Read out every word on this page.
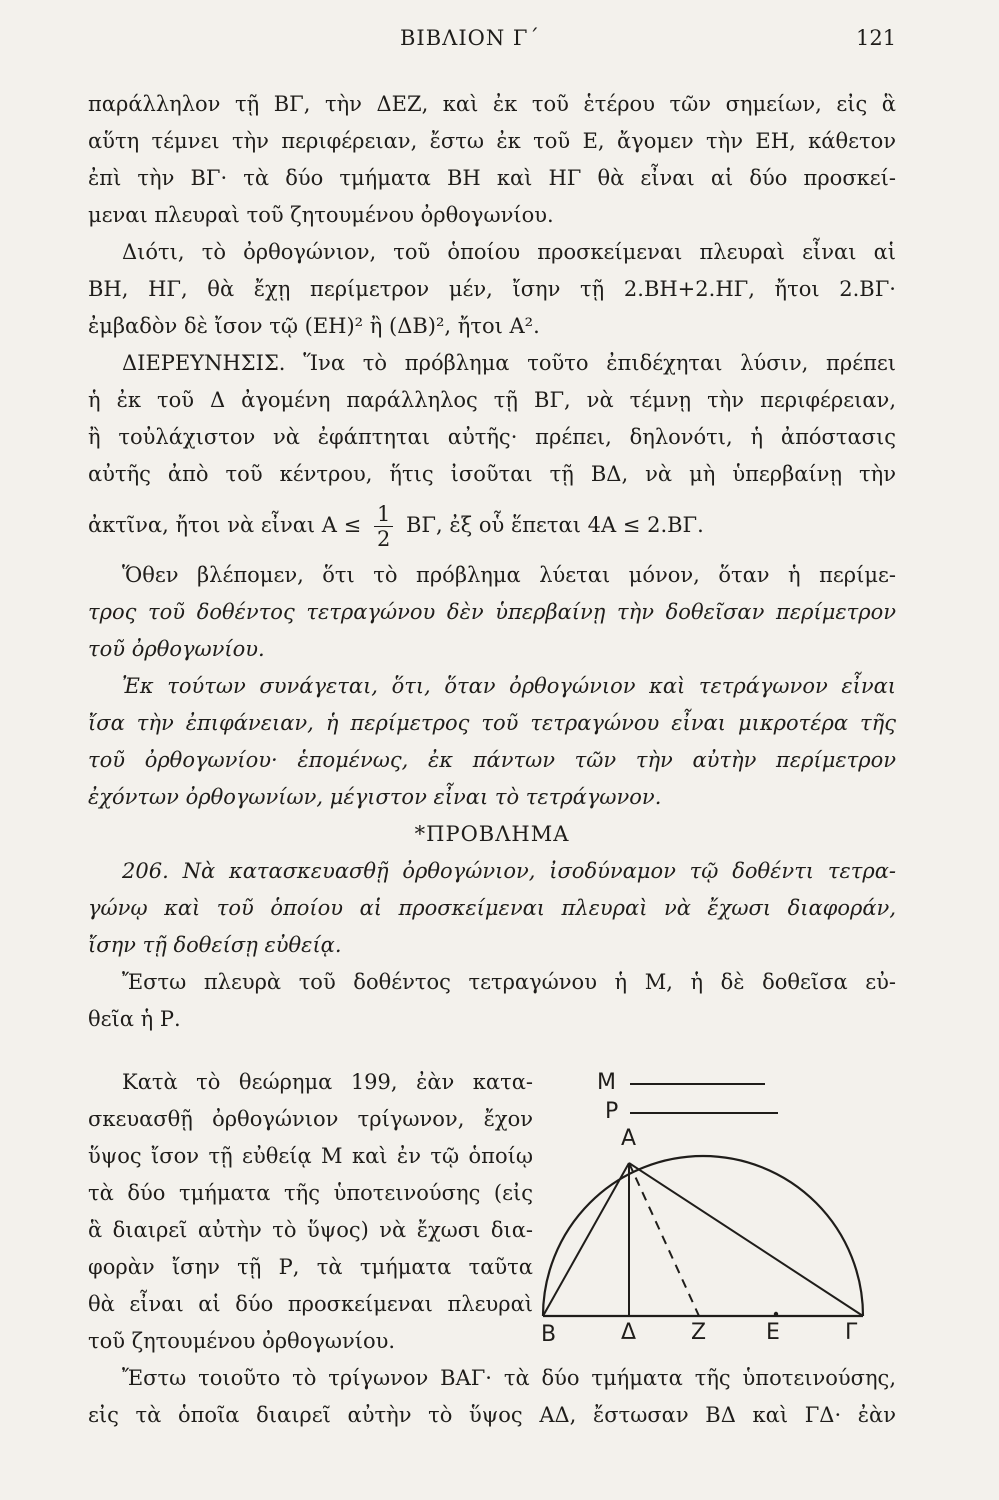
ΒΙΒΛΙΟΝ Γ΄	121
παράλληλον τῇ ΒΓ, τὴν ΔΕΖ, καὶ ἐκ τοῦ ἑτέρου τῶν σημείων, εἰς ἃ
αὕτη τέμνει τὴν περιφέρειαν, ἔστω ἐκ τοῦ Ε, ἄγομεν τὴν ΕΗ, κάθετον
ἐπὶ τὴν ΒΓ· τὰ δύο τμήματα ΒΗ καὶ ΗΓ θὰ εἶναι αἱ δύο προσκεί-
μεναι πλευραὶ τοῦ ζητουμένου ὀρθογωνίου.
Διότι, τὸ ὀρθογώνιον, τοῦ ὁποίου προσκείμεναι πλευραὶ εἶναι αἱ
ΒΗ, ΗΓ, θὰ ἔχῃ περίμετρον μέν, ἴσην τῇ 2.ΒΗ+2.ΗΓ, ἤτοι 2.ΒΓ·
ἐμβαδὸν δὲ ἴσον τῷ (ΕΗ)² ἢ (ΔΒ)², ἤτοι Α².
ΔΙΕΡΕΥΝΗΣΙΣ. Ἵνα τὸ πρόβλημα τοῦτο ἐπιδέχηται λύσιν, πρέπει
ἡ ἐκ τοῦ Δ ἀγομένη παράλληλος τῇ ΒΓ, νὰ τέμνῃ τὴν περιφέρειαν,
ἢ τοὐλάχιστον νὰ ἐφάπτηται αὐτῆς· πρέπει, δηλονότι, ἡ ἀπόστασις
αὐτῆς ἀπὸ τοῦ κέντρου, ἥτις ἰσοῦται τῇ ΒΔ, νὰ μὴ ὑπερβαίνῃ τὴν
ἀκτῖνα, ἤτοι νὰ εἶναι $A \le \frac{1}{2} B\Gamma$, ἐξ οὗ ἕπεται 4Α ≤ 2.ΒΓ.
Ὅθεν βλέπομεν, ὅτι τὸ πρόβλημα λύεται μόνον, ὅταν ἡ περίμε-
τρος τοῦ δοθέντος τετραγώνου δὲν ὑπερβαίνῃ τὴν δοθεῖσαν περίμετρον
τοῦ ὀρθογωνίου.
Ἐκ τούτων συνάγεται, ὅτι, ὅταν ὀρθογώνιον καὶ τετράγωνον εἶναι
ἴσα τὴν ἐπιφάνειαν, ἡ περίμετρος τοῦ τετραγώνου εἶναι μικροτέρα τῆς
τοῦ ὀρθογωνίου· ἑπομένως, ἐκ πάντων τῶν τὴν αὐτὴν περίμετρον
ἐχόντων ὀρθογωνίων, μέγιστον εἶναι τὸ τετράγωνον.
*ΠΡΟΒΛΗΜΑ
206. Νὰ κατασκευασθῇ ὀρθογώνιον, ἰσοδύναμον τῷ δοθέντι τετρα-
γώνῳ καὶ τοῦ ὁποίου αἱ προσκείμεναι πλευραὶ νὰ ἔχωσι διαφοράν,
ἴσην τῇ δοθείσῃ εὐθείᾳ.
Ἔστω πλευρὰ τοῦ δοθέντος τετραγώνου ἡ Μ, ἡ δὲ δοθεῖσα εὐ-
θεῖα ἡ Ρ.
Κατὰ τὸ θεώρημα 199, ἐὰν κατα-
σκευασθῇ ὀρθογώνιον τρίγωνον, ἔχον
ὕψος ἴσον τῇ εὐθείᾳ Μ καὶ ἐν τῷ ὁποίῳ
τὰ δύο τμήματα τῆς ὑποτεινούσης (εἰς
ἃ διαιρεῖ αὐτὴν τὸ ὕψος) νὰ ἔχωσι δια-
φορὰν ἴσην τῇ Ρ, τὰ τμήματα ταῦτα
θὰ εἶναι αἱ δύο προσκείμεναι πλευραὶ
τοῦ ζητουμένου ὀρθογωνίου.
M
P
A
B	Δ Z	E	Γ
Ἔστω τοιοῦτο τὸ τρίγωνον ΒΑΓ· τὰ δύο τμήματα τῆς ὑποτεινούσης,
εἰς τὰ ὁποῖα διαιρεῖ αὐτὴν τὸ ὕψος ΑΔ, ἔστωσαν ΒΔ καὶ ΓΔ· ἐὰν
